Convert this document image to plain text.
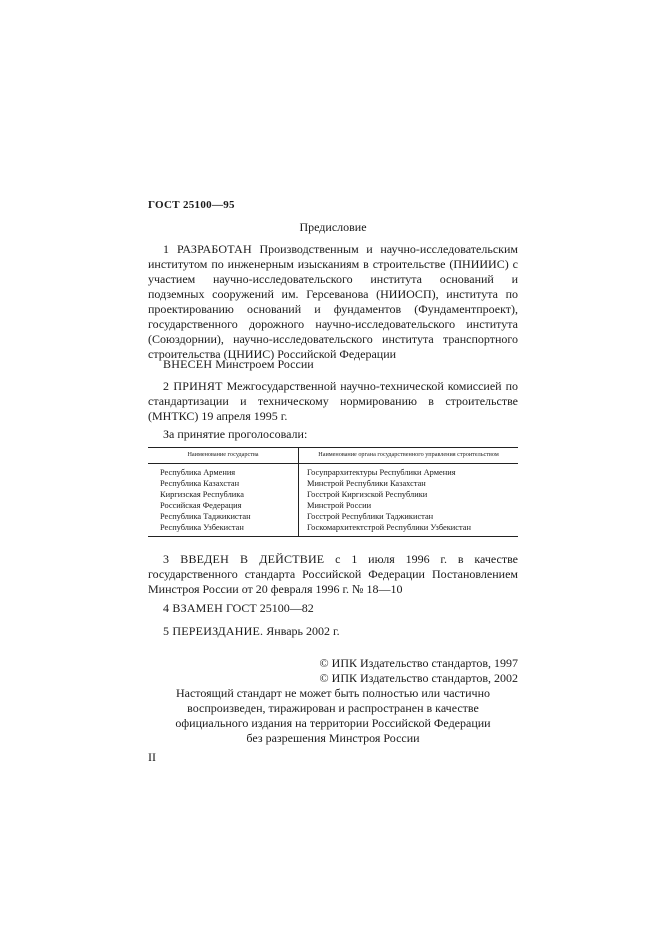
ГОСТ 25100—95
Предисловие

1 РАЗРАБОТАН Производственным и научно-исследовательским институтом по инженерным изысканиям в строительстве (ПНИИИС) с участием научно-исследовательского института оснований и подземных сооружений им. Герсеванова (НИИОСП), института по проектированию оснований и фундаментов (Фундаментпроект), государственного дорожного научно-исследовательского института (Союздорнии), научно-исследовательского института транспортного строительства (ЦНИИС) Российской Федерации

ВНЕСЕН Минстроем России

2 ПРИНЯТ Межгосударственной научно-технической комиссией по стандартизации и техническому нормированию в строительстве (МНТКС) 19 апреля 1995 г.

За принятие проголосовали:

Наименование государства	Наименование органа государственного управления строительством
Республика Армения	Госупрархитектуры Республики Армения
Республика Казахстан	Минстрой Республики Казахстан
Киргизская Республика	Госстрой Киргизской Республики
Российская Федерация	Минстрой России
Республика Таджикистан	Госстрой Республики Таджикистан
Республика Узбекистан	Госкомархитектстрой Республики Узбекистан

3 ВВЕДЕН В ДЕЙСТВИЕ с 1 июля 1996 г. в качестве государственного стандарта Российской Федерации Постановлением Минстроя России от 20 февраля 1996 г. № 18—10

4 ВЗАМЕН ГОСТ 25100—82

5 ПЕРЕИЗДАНИЕ. Январь 2002 г.

© ИПК Издательство стандартов, 1997

© ИПК Издательство стандартов, 2002

Настоящий стандарт не может быть полностью или частично

воспроизведен, тиражирован и распространен в качестве

официального издания на территории Российской Федерации

без разрешения Минстроя России

II
